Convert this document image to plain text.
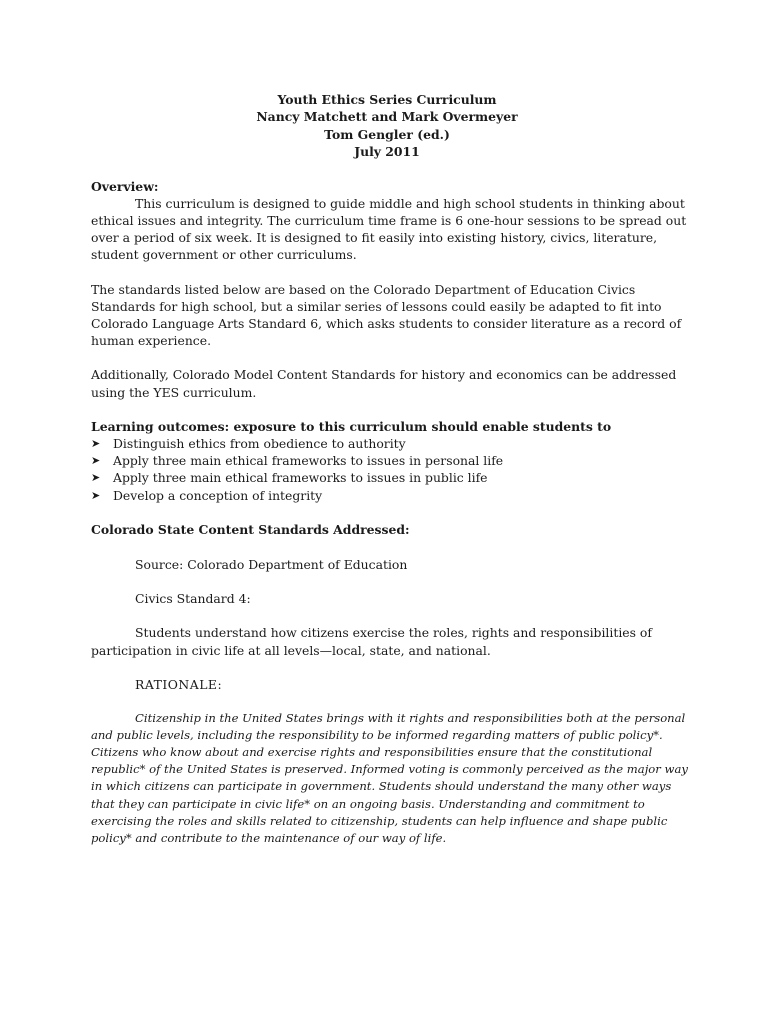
Youth Ethics Series Curriculum
Nancy Matchett and Mark Overmeyer
Tom Gengler (ed.)
July 2011

Overview:

This curriculum is designed to guide middle and high school students in thinking about ethical issues and integrity. The curriculum time frame is 6 one-hour sessions to be spread out over a period of six week. It is designed to fit easily into existing history, civics, literature, student government or other curriculums.

The standards listed below are based on the Colorado Department of Education Civics Standards for high school, but a similar series of lessons could easily be adapted to fit into Colorado Language Arts Standard 6, which asks students to consider literature as a record of human experience.

Additionally, Colorado Model Content Standards for history and economics can be addressed using the YES curriculum.

Learning outcomes: exposure to this curriculum should enable students to

➤ Distinguish ethics from obedience to authority
➤ Apply three main ethical frameworks to issues in personal life
➤ Apply three main ethical frameworks to issues in public life
➤ Develop a conception of integrity

Colorado State Content Standards Addressed:

Source: Colorado Department of Education

Civics Standard 4:

Students understand how citizens exercise the roles, rights and responsibilities of participation in civic life at all levels—local, state, and national.

RATIONALE:

Citizenship in the United States brings with it rights and responsibilities both at the personal and public levels, including the responsibility to be informed regarding matters of public policy*. Citizens who know about and exercise rights and responsibilities ensure that the constitutional republic* of the United States is preserved. Informed voting is commonly perceived as the major way in which citizens can participate in government. Students should understand the many other ways that they can participate in civic life* on an ongoing basis. Understanding and commitment to exercising the roles and skills related to citizenship, students can help influence and shape public policy* and contribute to the maintenance of our way of life.
